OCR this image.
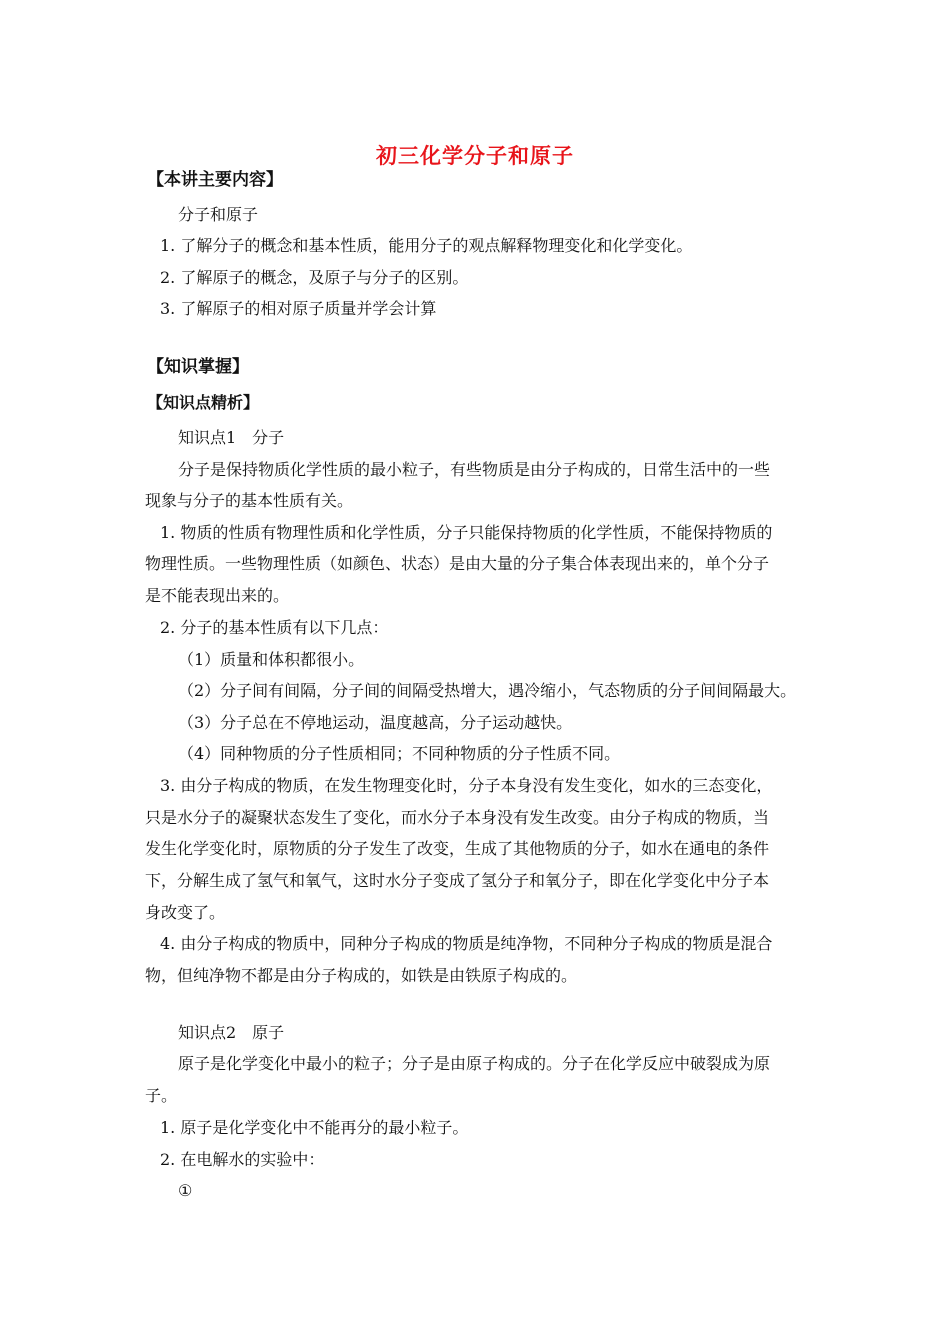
初三化学分子和原子
【本讲主要内容】
分子和原子
1. 了解分子的概念和基本性质，能用分子的观点解释物理变化和化学变化。
2. 了解原子的概念，及原子与分子的区别。
3. 了解原子的相对原子质量并学会计算
【知识掌握】
【知识点精析】
知识点1　分子
分子是保持物质化学性质的最小粒子，有些物质是由分子构成的，日常生活中的一些
现象与分子的基本性质有关。
1. 物质的性质有物理性质和化学性质，分子只能保持物质的化学性质，不能保持物质的
物理性质。一些物理性质（如颜色、状态）是由大量的分子集合体表现出来的，单个分子
是不能表现出来的。
2. 分子的基本性质有以下几点：
（1）质量和体积都很小。
（2）分子间有间隔，分子间的间隔受热增大，遇冷缩小，气态物质的分子间间隔最大。
（3）分子总在不停地运动，温度越高，分子运动越快。
（4）同种物质的分子性质相同；不同种物质的分子性质不同。
3. 由分子构成的物质，在发生物理变化时，分子本身没有发生变化，如水的三态变化，
只是水分子的凝聚状态发生了变化，而水分子本身没有发生改变。由分子构成的物质，当
发生化学变化时，原物质的分子发生了改变，生成了其他物质的分子，如水在通电的条件
下，分解生成了氢气和氧气，这时水分子变成了氢分子和氧分子，即在化学变化中分子本
身改变了。
4. 由分子构成的物质中，同种分子构成的物质是纯净物，不同种分子构成的物质是混合
物，但纯净物不都是由分子构成的，如铁是由铁原子构成的。
知识点2　原子
原子是化学变化中最小的粒子；分子是由原子构成的。分子在化学反应中破裂成为原
子。
1. 原子是化学变化中不能再分的最小粒子。
2. 在电解水的实验中：
①
